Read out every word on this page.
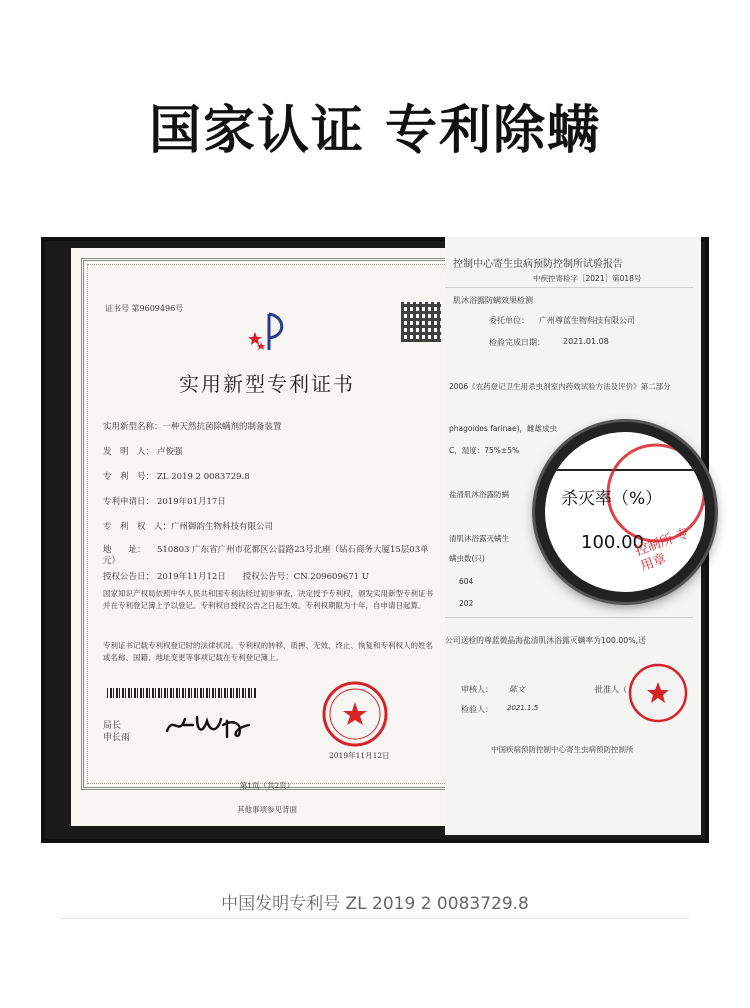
国家认证 专利除螨
证书号 第9609496号
实用新型专利证书
实用新型名称：一种天然抗菌除螨剂的制备装置
发　明　人： 卢俊强
专　利　号： ZL 2019 2 0083729.8
专利申请日： 2019年01月17日
专　利　权　人：广州御韵生物科技有限公司
地　　址： 510803 广东省广州市花都区公益路23号北座（钻石商务大厦15层03单元）
授权公告日： 2019年11月12日　　授权公告号：CN 209609671 U
国家知识产权局依照中华人民共和国专利法经过初步审查，决定授予专利权，颁发实用新型专利证书并在专利登记簿上予以登记。专利权自授权公告之日起生效。专利权期限为十年，自申请日起算。
专利证书记载专利权登记时的法律状况。专利权的转移、质押、无效、终止、恢复和专利权人的姓名或名称、国籍、地址变更等事项记载在专利登记簿上。
局长
申长雨
2019年11月12日
第1页（共2页）
其他事项参见背面
控制中心寄生虫病预防控制所试验报告
中疾控寄检字［2021］第018号
肌沐浴露防螨效果检测
委托单位： 广州尊蓝生物科技有限公司
检验完成日期： 2021.01.08
2006《农药登记卫生用杀虫剂室内药效试验方法及评价》第二部分
phagoides farinae)，雌雄成虫
C，湿度：75%±5%
盐清肌沐浴露防螨
清肌沐浴露灭螨生
螨虫数(只)
604
202
公司送检的尊蓝微晶海盐清肌沐浴露灭螨率为100.00%,送
审核人： 陈文	批准人（
检验人： 2021.1.5
中国疾病预防控制中心寄生虫病预防控制所
杀灭率（%）
100.00
控制所 专用章
中国发明专利号 ZL 2019 2 0083729.8
